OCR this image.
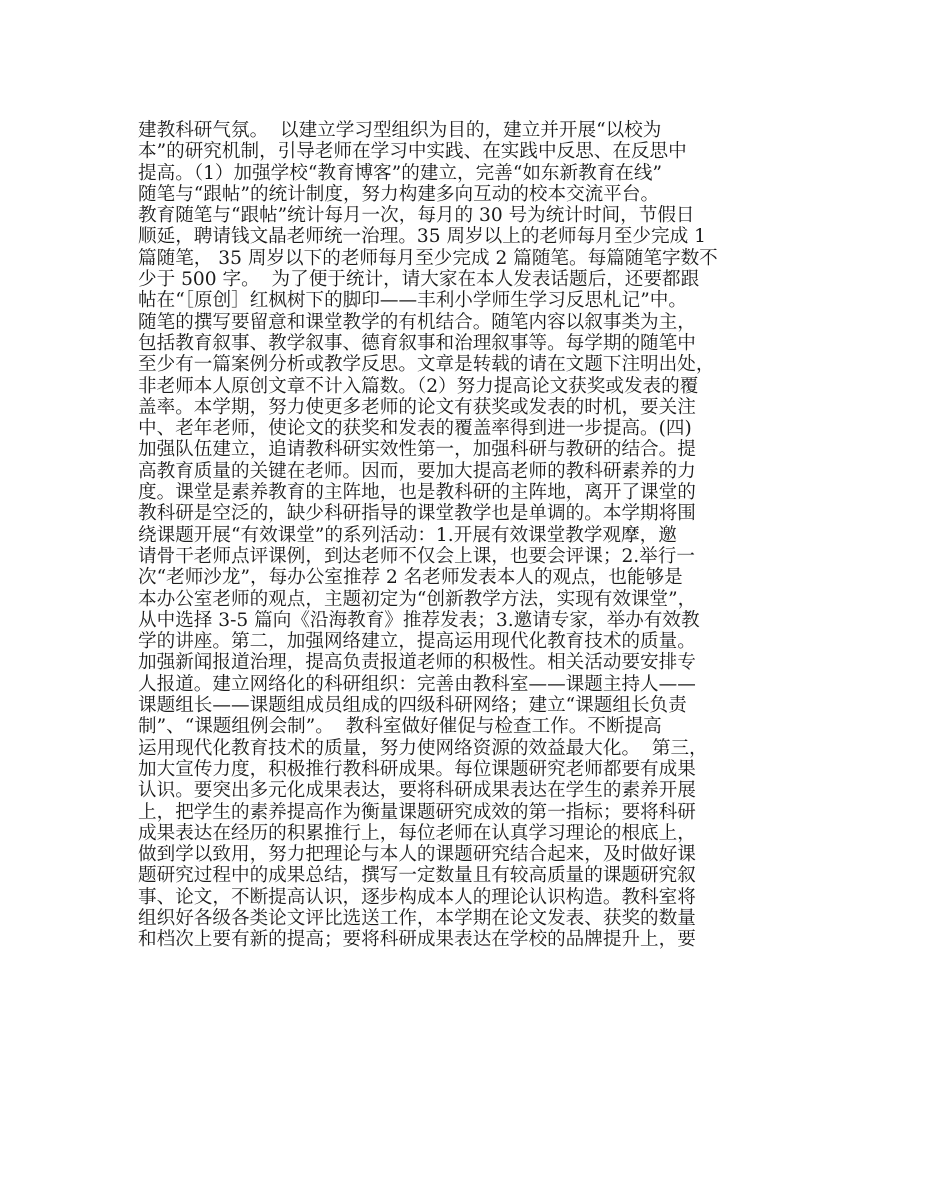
建教科研气氛。  以建立学习型组织为目的，建立并开展“以校为
本”的研究机制，引导老师在学习中实践、在实践中反思、在反思中
提高。（1）加强学校“教育博客”的建立，完善“如东新教育在线”
随笔与“跟帖”的统计制度，努力构建多向互动的校本交流平台。
教育随笔与“跟帖”统计每月一次，每月的 30 号为统计时间，节假日
顺延，聘请钱文晶老师统一治理。35 周岁以上的老师每月至少完成 1
篇随笔， 35 周岁以下的老师每月至少完成 2 篇随笔。每篇随笔字数不
少于 500 字。  为了便于统计，请大家在本人发表话题后，还要都跟
帖在“［原创］红枫树下的脚印——丰利小学师生学习反思札记”中。
随笔的撰写要留意和课堂教学的有机结合。随笔内容以叙事类为主，
包括教育叙事、教学叙事、德育叙事和治理叙事等。每学期的随笔中
至少有一篇案例分析或教学反思。文章是转载的请在文题下注明出处，
非老师本人原创文章不计入篇数。（2）努力提高论文获奖或发表的覆
盖率。本学期，努力使更多老师的论文有获奖或发表的时机，要关注
中、老年老师，使论文的获奖和发表的覆盖率得到进一步提高。(四)
加强队伍建立，追请教科研实效性第一，加强科研与教研的结合。提
高教育质量的关键在老师。因而，要加大提高老师的教科研素养的力
度。课堂是素养教育的主阵地，也是教科研的主阵地，离开了课堂的
教科研是空泛的，缺少科研指导的课堂教学也是单调的。本学期将围
绕课题开展“有效课堂”的系列活动：1.开展有效课堂教学观摩，邀
请骨干老师点评课例，到达老师不仅会上课，也要会评课；2.举行一
次“老师沙龙”，每办公室推荐 2 名老师发表本人的观点，也能够是
本办公室老师的观点，主题初定为“创新教学方法，实现有效课堂”，
从中选择 3-5 篇向《沿海教育》推荐发表；3.邀请专家，举办有效教
学的讲座。第二，加强网络建立，提高运用现代化教育技术的质量。
加强新闻报道治理，提高负责报道老师的积极性。相关活动要安排专
人报道。建立网络化的科研组织：完善由教科室——课题主持人——
课题组长——课题组成员组成的四级科研网络；建立“课题组长负责
制”、“课题组例会制”。  教科室做好催促与检查工作。不断提高
运用现代化教育技术的质量，努力使网络资源的效益最大化。  第三，
加大宣传力度，积极推行教科研成果。每位课题研究老师都要有成果
认识。要突出多元化成果表达，要将科研成果表达在学生的素养开展
上，把学生的素养提高作为衡量课题研究成效的第一指标；要将科研
成果表达在经历的积累推行上，每位老师在认真学习理论的根底上，
做到学以致用，努力把理论与本人的课题研究结合起来，及时做好课
题研究过程中的成果总结，撰写一定数量且有较高质量的课题研究叙
事、论文，不断提高认识，逐步构成本人的理论认识构造。教科室将
组织好各级各类论文评比选送工作，本学期在论文发表、获奖的数量
和档次上要有新的提高；要将科研成果表达在学校的品牌提升上，要
